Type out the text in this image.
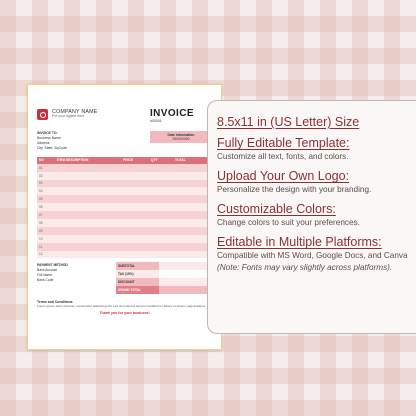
COMPANY NAME
Put your tagline here	INVOICE
#00001
INVOICE TO:
Business Name
Address
City, State, ZipCode
Date Information
00/00/0000
NO	ITEM DESCRIPTION	PRICE	QTY	TOTAL
01				
02				
03				
04				
05				
06				
07				
08				
09				
10				
11				
12				
PAYMENT METHOD
Bank Account
Full Name
Bank Code
SUBTOTAL
TAX (10%)
DISCOUNT
GRAND TOTAL
Terms and Conditions
Lorem ipsum dolor sit amet, consectetur adipiscing elit, sed do eiusmod tempor incididunt ut labore et dolore magna aliqua.
Thank you for your business!
8.5x11 in (US Letter) Size
Fully Editable Template:
Customize all text, fonts, and colors.
Upload Your Own Logo:
Personalize the design with your branding.
Customizable Colors:
Change colors to suit your preferences.
Editable in Multiple Platforms:
Compatible with MS Word, Google Docs, and Canva
(Note: Fonts may vary slightly across platforms).
